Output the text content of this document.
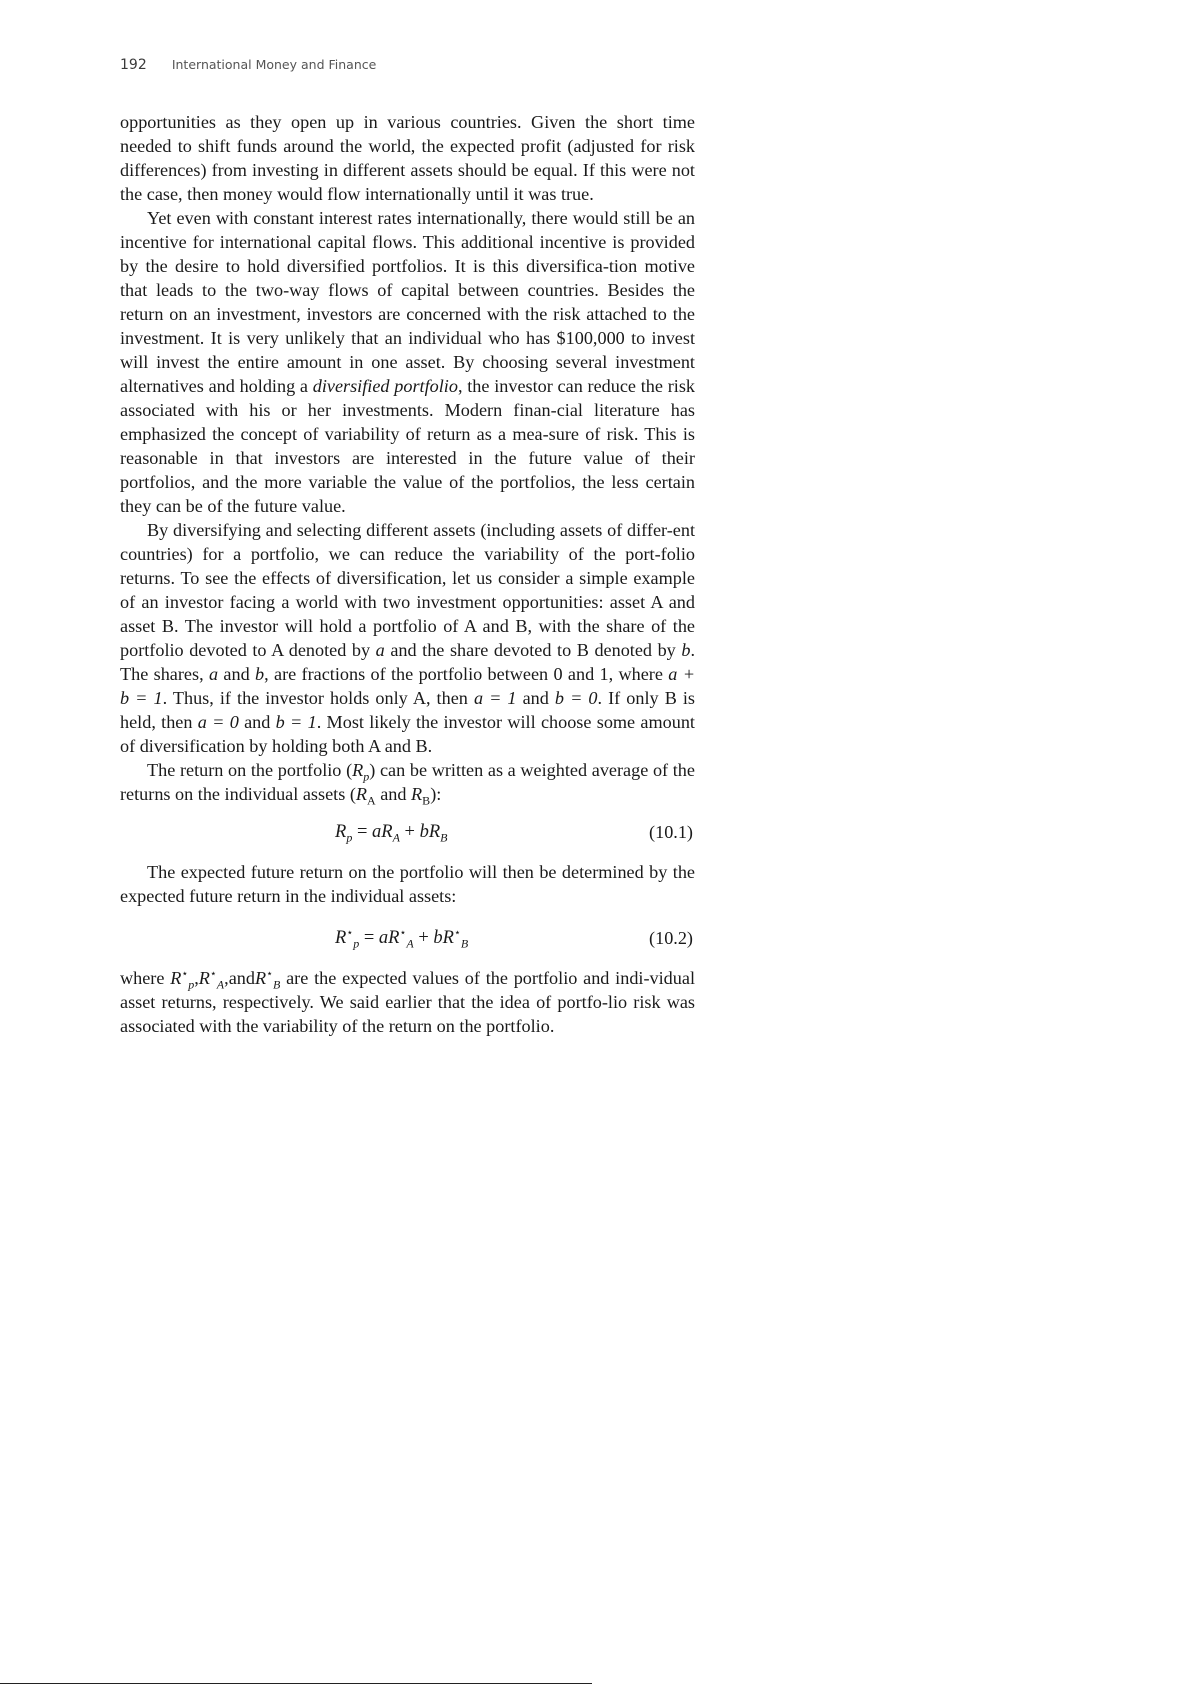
192 International Money and Finance

opportunities as they open up in various countries. Given the short time needed to shift funds around the world, the expected profit (adjusted for risk differences) from investing in different assets should be equal. If this were not the case, then money would flow internationally until it was true.

Yet even with constant interest rates internationally, there would still be an incentive for international capital flows. This additional incentive is provided by the desire to hold diversified portfolios. It is this diversifica-tion motive that leads to the two-way flows of capital between countries. Besides the return on an investment, investors are concerned with the risk attached to the investment. It is very unlikely that an individual who has $100,000 to invest will invest the entire amount in one asset. By choosing several investment alternatives and holding a diversified portfolio, the investor can reduce the risk associated with his or her investments. Modern finan-cial literature has emphasized the concept of variability of return as a mea-sure of risk. This is reasonable in that investors are interested in the future value of their portfolios, and the more variable the value of the portfolios, the less certain they can be of the future value.

By diversifying and selecting different assets (including assets of differ-ent countries) for a portfolio, we can reduce the variability of the port-folio returns. To see the effects of diversification, let us consider a simple example of an investor facing a world with two investment opportunities: asset A and asset B. The investor will hold a portfolio of A and B, with the share of the portfolio devoted to A denoted by a and the share devoted to B denoted by b. The shares, a and b, are fractions of the portfolio between 0 and 1, where a + b = 1. Thus, if the investor holds only A, then a = 1 and b = 0. If only B is held, then a = 0 and b = 1. Most likely the investor will choose some amount of diversification by holding both A and B.

The return on the portfolio $(R_p)$ can be written as a weighted average of the returns on the individual assets ($R_A$ and $R_B$):

$R_p = aR_A + bR_B$	(10.1)

The expected future return on the portfolio will then be determined by the expected future return in the individual assets:

$R^⋆_p = aR^⋆_A + bR^⋆_B$	(10.2)

where $R^⋆_p,R^⋆_A,andR^⋆_B$ are the expected values of the portfolio and indi-vidual asset returns, respectively. We said earlier that the idea of portfo-lio risk was associated with the variability of the return on the portfolio.
